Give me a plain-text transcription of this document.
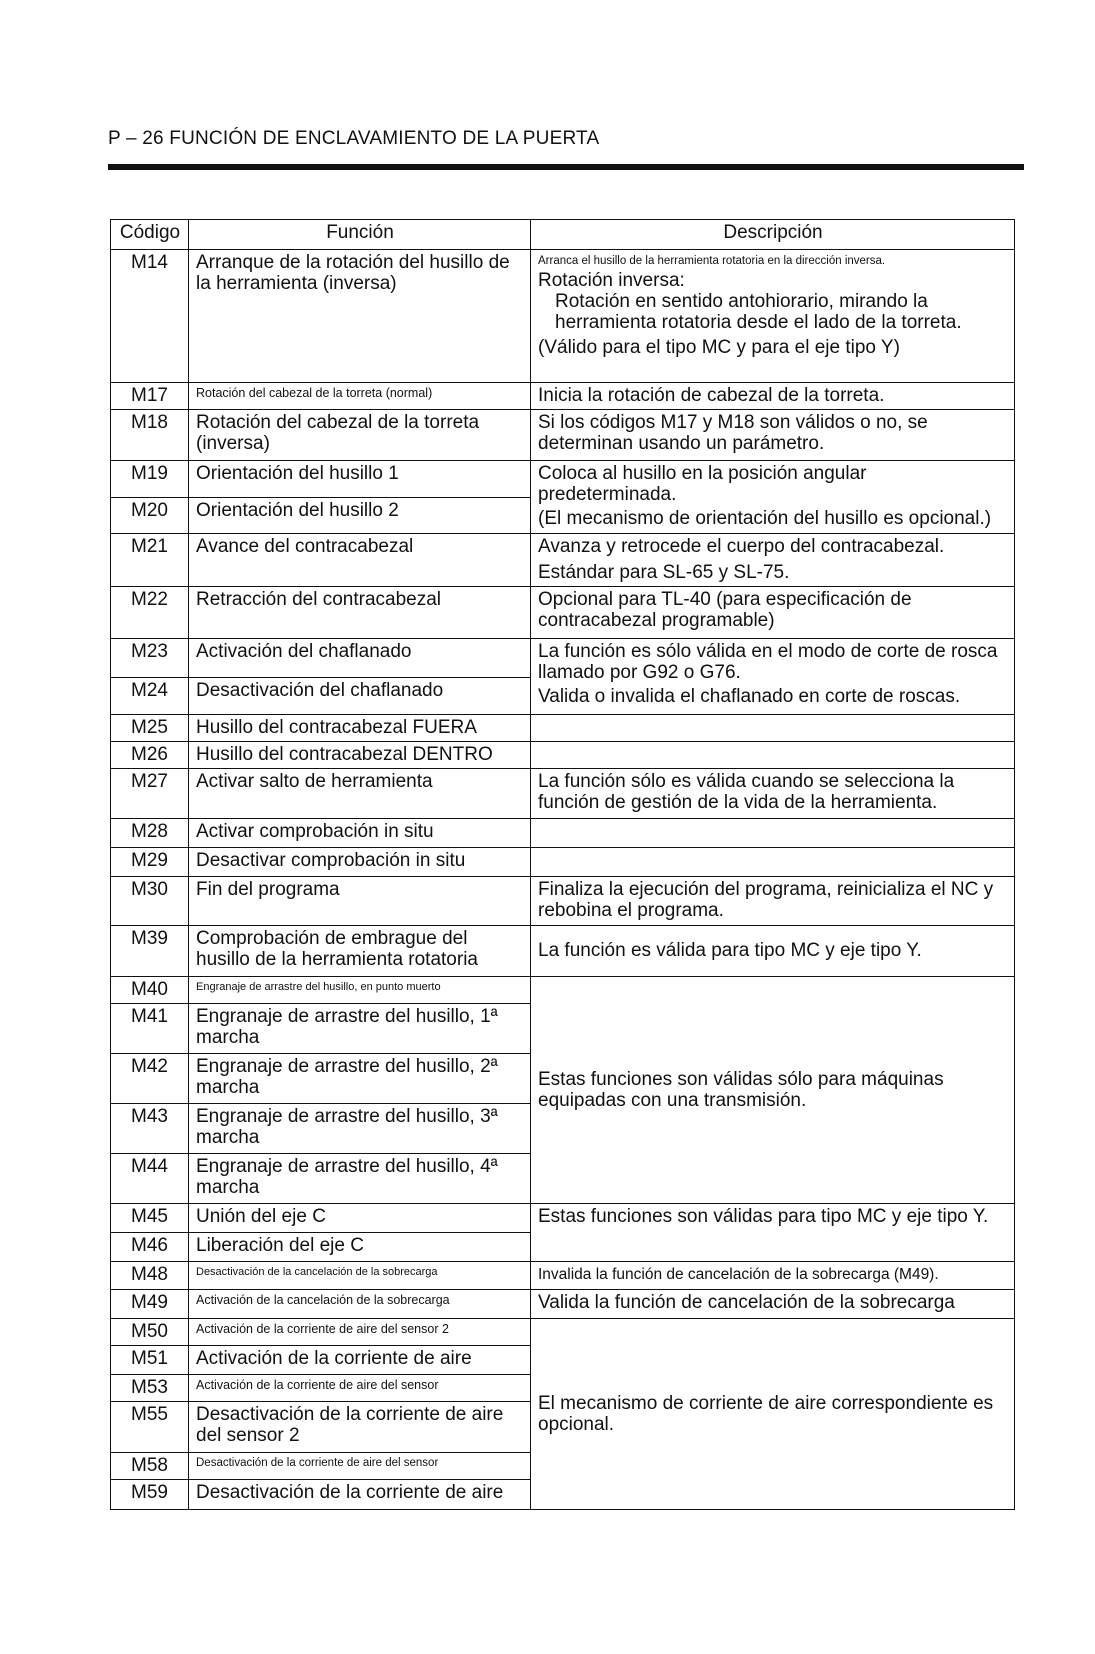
P – 26 FUNCIÓN DE ENCLAVAMIENTO DE LA PUERTA
Código	Función	Descripción
M14	Arranque de la rotación del husillo de la herramienta (inversa)	Arranca el husillo de la herramienta rotatoria en la dirección inversa.
Rotación inversa:
Rotación en sentido antohiorario, mirando la herramienta rotatoria desde el lado de la torreta.
(Válido para el tipo MC y para el eje tipo Y)

M17	Rotación del cabezal de la torreta (normal)	Inicia la rotación de cabezal de la torreta.
M18	Rotación del cabezal de la torreta (inversa)	Si los códigos M17 y M18 son válidos o no, se determinan usando un parámetro.
M19	Orientación del husillo 1	Coloca al husillo en la posición angular predeterminada.
(El mecanismo de orientación del husillo es opcional.)

M20	Orientación del husillo 2	
M21	Avance del contracabezal	Avanza y retrocede el cuerpo del contracabezal.
Estándar para SL-65 y SL-75.

M22	Retracción del contracabezal	Opcional para TL-40 (para especificación de contracabezal programable)
M23	Activación del chaflanado	La función es sólo válida en el modo de corte de rosca llamado por G92 o G76.
Valida o invalida el chaflanado en corte de roscas.

M24	Desactivación del chaflanado	
M25	Husillo del contracabezal FUERA	
M26	Husillo del contracabezal DENTRO	
M27	Activar salto de herramienta	La función sólo es válida cuando se selecciona la función de gestión de la vida de la herramienta.
M28	Activar comprobación in situ	
M29	Desactivar comprobación in situ	
M30	Fin del programa	Finaliza la ejecución del programa, reinicializa el NC y rebobina el programa.
M39	Comprobación de embrague del husillo de la herramienta rotatoria	La función es válida para tipo MC y eje tipo Y.
M40	Engranaje de arrastre del husillo, en punto muerto	Estas funciones son válidas sólo para máquinas equipadas con una transmisión.
M41	Engranaje de arrastre del husillo, 1ª marcha	
M42	Engranaje de arrastre del husillo, 2ª marcha	
M43	Engranaje de arrastre del husillo, 3ª marcha	
M44	Engranaje de arrastre del husillo, 4ª marcha	
M45	Unión del eje C	Estas funciones son válidas para tipo MC y eje tipo Y.
M46	Liberación del eje C	
M48	Desactivación de la cancelación de la sobrecarga	Invalida la función de cancelación de la sobrecarga (M49).
M49	Activación de la cancelación de la sobrecarga	Valida la función de cancelación de la sobrecarga
M50	Activación de la corriente de aire del sensor 2	El mecanismo de corriente de aire correspondiente es opcional.
M51	Activación de la corriente de aire	
M53	Activación de la corriente de aire del sensor	
M55	Desactivación de la corriente de aire del sensor 2	
M58	Desactivación de la corriente de aire del sensor	
M59	Desactivación de la corriente de aire	
